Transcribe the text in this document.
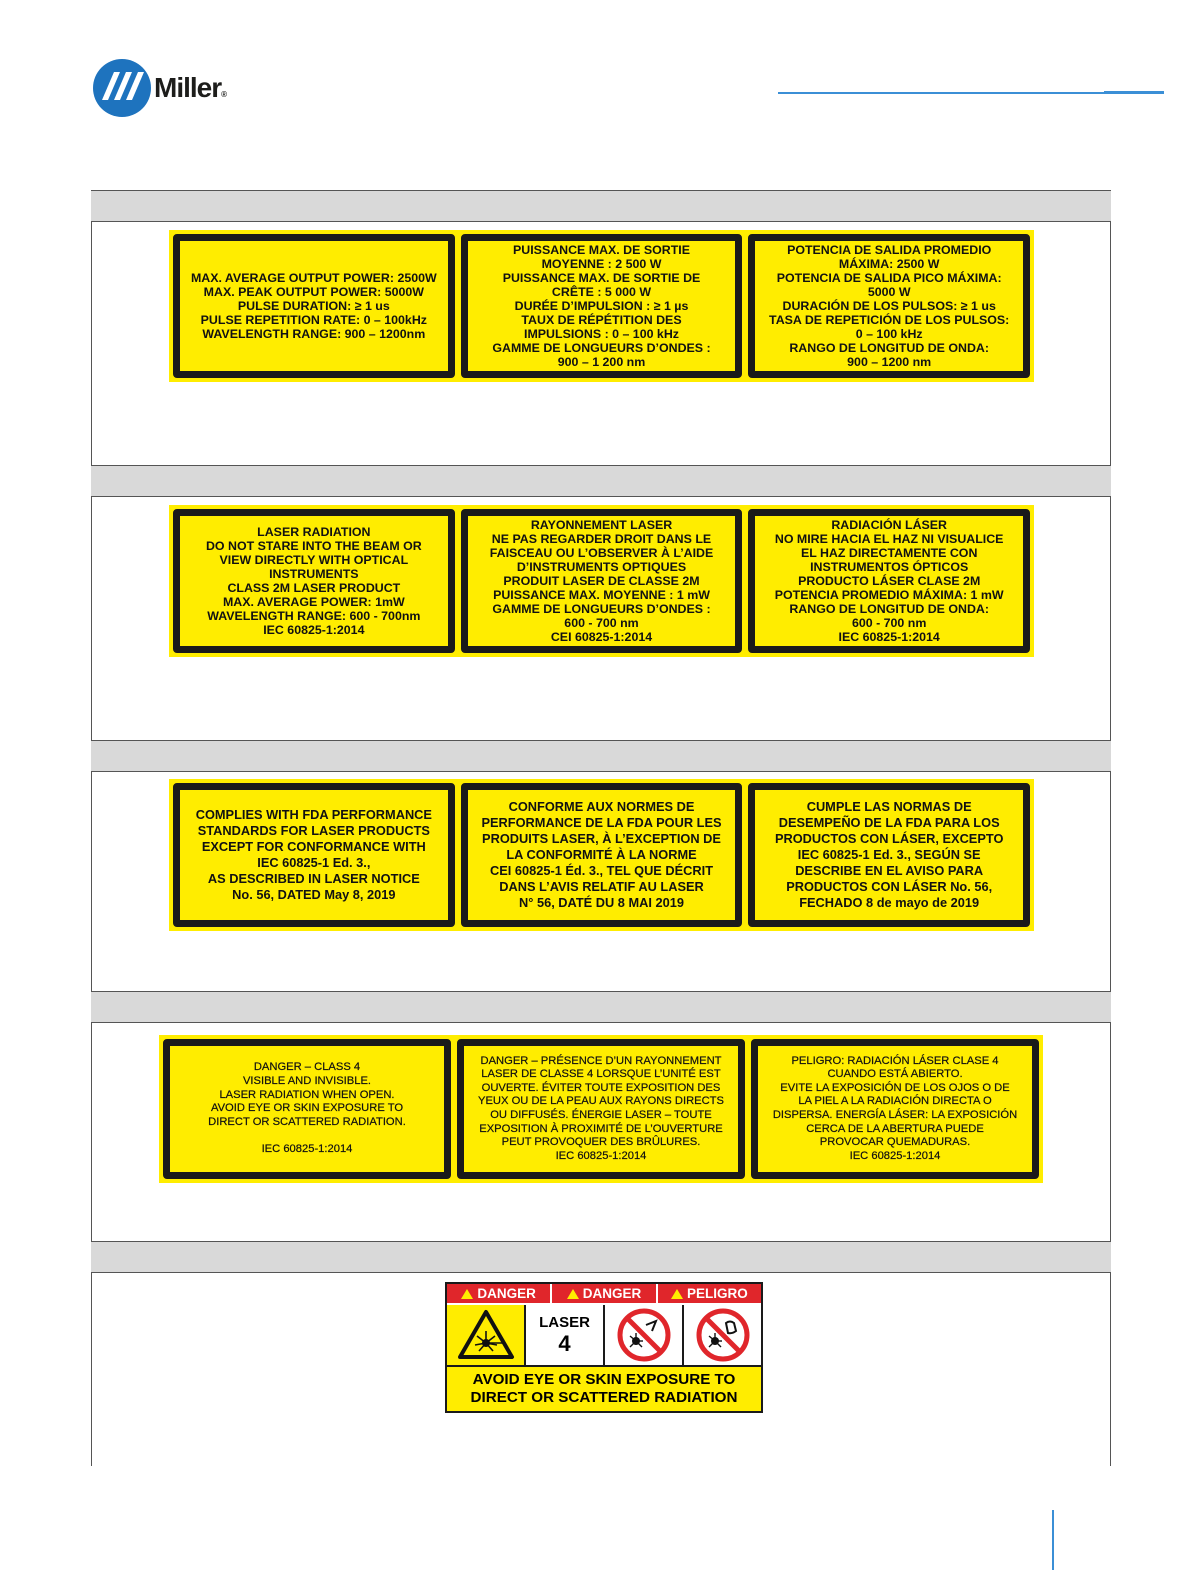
Miller®
MAX. AVERAGE OUTPUT POWER: 2500W
MAX. PEAK OUTPUT POWER: 5000W
PULSE DURATION: ≥ 1 us
PULSE REPETITION RATE: 0 – 100kHz
WAVELENGTH RANGE: 900 – 1200nm
PUISSANCE MAX. DE SORTIE
MOYENNE : 2 500 W
PUISSANCE MAX. DE SORTIE DE
CRÊTE : 5 000 W
DURÉE D’IMPULSION : ≥ 1 µs
TAUX DE RÉPÉTITION DES
IMPULSIONS : 0 – 100 kHz
GAMME DE LONGUEURS D’ONDES :
900 – 1 200 nm
POTENCIA DE SALIDA PROMEDIO
MÁXIMA: 2500 W
POTENCIA DE SALIDA PICO MÁXIMA:
5000 W
DURACIÓN DE LOS PULSOS: ≥ 1 us
TASA DE REPETICIÓN DE LOS PULSOS:
0 – 100 kHz
RANGO DE LONGITUD DE ONDA:
900 – 1200 nm
LASER RADIATION
DO NOT STARE INTO THE BEAM OR
VIEW DIRECTLY WITH OPTICAL
INSTRUMENTS
CLASS 2M LASER PRODUCT
MAX. AVERAGE POWER: 1mW
WAVELENGTH RANGE: 600 - 700nm
IEC 60825-1:2014
RAYONNEMENT LASER
NE PAS REGARDER DROIT DANS LE
FAISCEAU OU L’OBSERVER À L’AIDE
D’INSTRUMENTS OPTIQUES
PRODUIT LASER DE CLASSE 2M
PUISSANCE MAX. MOYENNE : 1 mW
GAMME DE LONGUEURS D’ONDES :
600 - 700 nm
CEI 60825-1:2014
RADIACIÓN LÁSER
NO MIRE HACIA EL HAZ NI VISUALICE
EL HAZ DIRECTAMENTE CON
INSTRUMENTOS ÓPTICOS
PRODUCTO LÁSER CLASE 2M
POTENCIA PROMEDIO MÁXIMA: 1 mW
RANGO DE LONGITUD DE ONDA:
600 - 700 nm
IEC 60825-1:2014
COMPLIES WITH FDA PERFORMANCE
STANDARDS FOR LASER PRODUCTS
EXCEPT FOR CONFORMANCE WITH
IEC 60825-1 Ed. 3.,
AS DESCRIBED IN LASER NOTICE
No. 56, DATED May 8, 2019
CONFORME AUX NORMES DE
PERFORMANCE DE LA FDA POUR LES
PRODUITS LASER, À L’EXCEPTION DE
LA CONFORMITÉ À LA NORME
CEI 60825-1 Éd. 3., TEL QUE DÉCRIT
DANS L’AVIS RELATIF AU LASER
N° 56, DATÉ DU 8 MAI 2019
CUMPLE LAS NORMAS DE
DESEMPEÑO DE LA FDA PARA LOS
PRODUCTOS CON LÁSER, EXCEPTO
IEC 60825-1 Ed. 3., SEGÚN SE
DESCRIBE EN EL AVISO PARA
PRODUCTOS CON LÁSER No. 56,
FECHADO 8 de mayo de 2019
DANGER – CLASS 4
VISIBLE AND INVISIBLE.
LASER RADIATION WHEN OPEN.
AVOID EYE OR SKIN EXPOSURE TO
DIRECT OR SCATTERED RADIATION.

IEC 60825-1:2014
DANGER – PRÉSENCE D’UN RAYONNEMENT
LASER DE CLASSE 4 LORSQUE L’UNITÉ EST
OUVERTE. ÉVITER TOUTE EXPOSITION DES
YEUX OU DE LA PEAU AUX RAYONS DIRECTS
OU DIFFUSÉS. ÉNERGIE LASER – TOUTE
EXPOSITION À PROXIMITÉ DE L’OUVERTURE
PEUT PROVOQUER DES BRÛLURES.
IEC 60825-1:2014
PELIGRO: RADIACIÓN LÁSER CLASE 4
CUANDO ESTÁ ABIERTO.
EVITE LA EXPOSICIÓN DE LOS OJOS O DE
LA PIEL A LA RADIACIÓN DIRECTA O
DISPERSA. ENERGÍA LÁSER: LA EXPOSICIÓN
CERCA DE LA ABERTURA PUEDE
PROVOCAR QUEMADURAS.
IEC 60825-1:2014
DANGER	DANGER	PELIGRO
LASER
4
AVOID EYE OR SKIN EXPOSURE TO
DIRECT OR SCATTERED RADIATION
